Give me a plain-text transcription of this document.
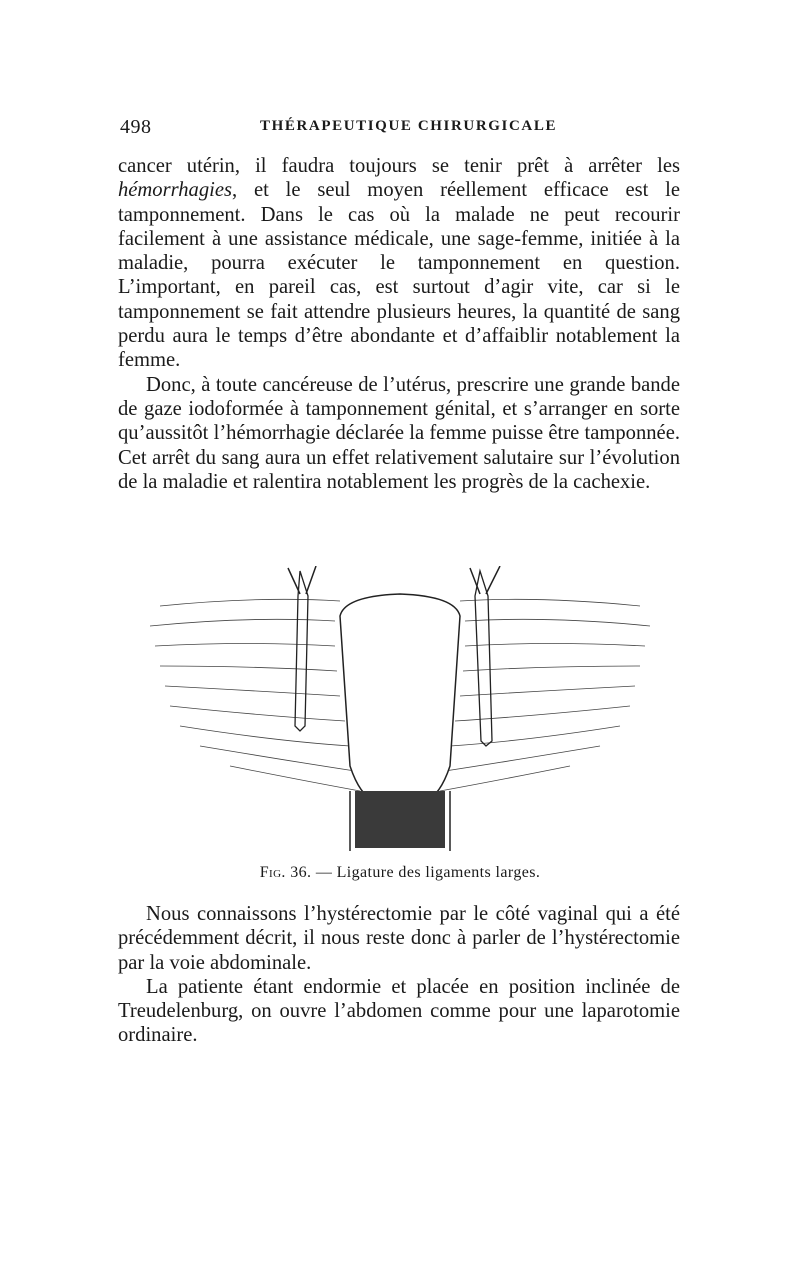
498	THÉRAPEUTIQUE CHIRURGICALE

cancer utérin, il faudra toujours se tenir prêt à arrêter les hémorrhagies, et le seul moyen réellement efficace est le tamponnement. Dans le cas où la malade ne peut recourir facilement à une assistance médicale, une sage-femme, initiée à la maladie, pourra exécuter le tamponnement en question. L’important, en pareil cas, est surtout d’agir vite, car si le tamponnement se fait attendre plusieurs heures, la quantité de sang perdu aura le temps d’être abondante et d’affaiblir notablement la femme.

Donc, à toute cancéreuse de l’utérus, prescrire une grande bande de gaze iodoformée à tamponnement génital, et s’arranger en sorte qu’aussitôt l’hémorrhagie déclarée la femme puisse être tamponnée. Cet arrêt du sang aura un effet relativement salutaire sur l’évolution de la maladie et ralentira notablement les progrès de la cachexie.

Fig. 36. — Ligature des ligaments larges.

Nous connaissons l’hystérectomie par le côté vaginal qui a été précédemment décrit, il nous reste donc à parler de l’hystérectomie par la voie abdominale.

La patiente étant endormie et placée en position inclinée de Treudelenburg, on ouvre l’abdomen comme pour une laparotomie ordinaire.
